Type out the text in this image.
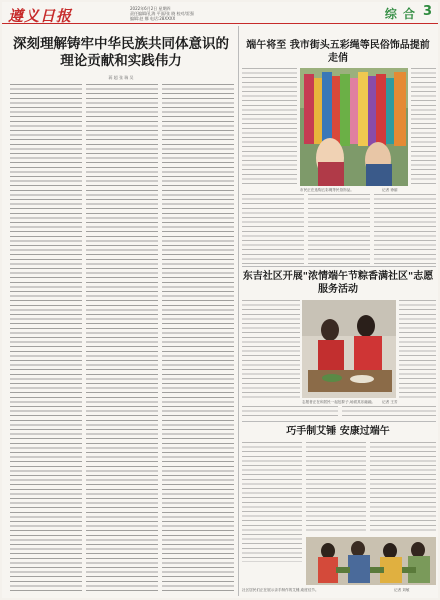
遵义日报	2022年6月2日 星期四
责任编辑/孔海 平面/张 晓 校对/雷强
编辑:赵 娜 电话:28XXXX	综 合 3
深刻理解铸牢中华民族共同体意识的理论贡献和实践伟力
蒋 超 张 瑞 吴
端午将至 我市街头五彩绳等民俗饰品提前走俏
市民正在选购五彩绳等民俗饰品。	记者 徐丽
东吉社区开展"浓情端午节粽香满社区"志愿服务活动
志愿者正在和居民一起包粽子,场面其乐融融。	记者 王芳
巧手制艾锤 安康过端午
社区居民们正在展示亲手制作的艾锤,欢度佳节。	记者 刘敏
